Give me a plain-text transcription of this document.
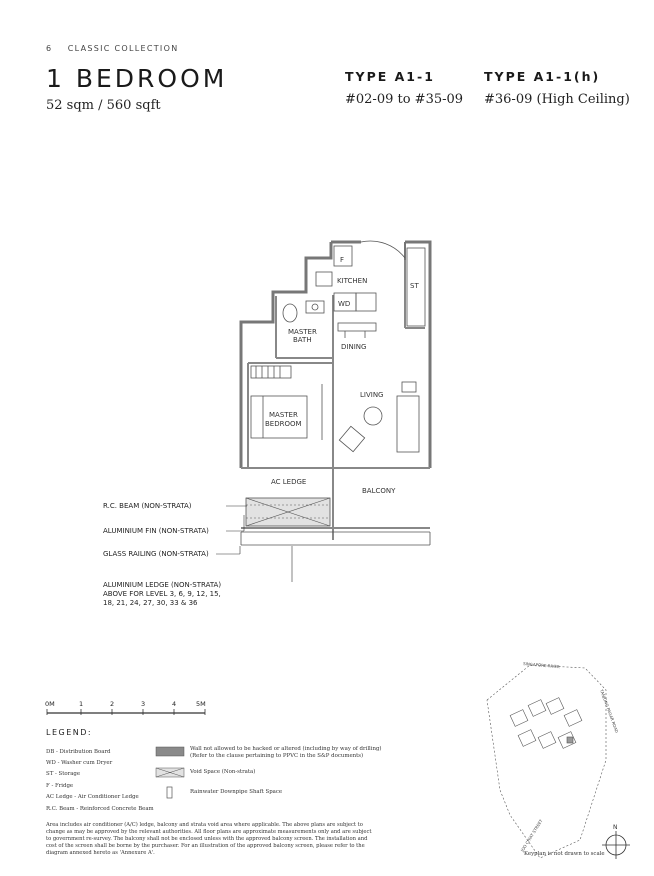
6 CLASSIC COLLECTION
1 BEDROOM
52 sqm / 560 sqft
TYPE A1-1
#02-09 to #35-09
TYPE A1-1(h)
#36-09 (High Ceiling)
F
KITCHEN
WD
ST
MASTER
BATH
DINING
LIVING
MASTER
BEDROOM
AC LEDGE
BALCONY
0M	1	2	3	4	5M
SINGAPORE RIVER
TANJONG PAGAR ROAD
JOO CHIAT STREET	N
R.C. BEAM (NON-STRATA)
ALUMINIUM FIN (NON-STRATA)
GLASS RAILING (NON-STRATA)
ALUMINIUM LEDGE (NON-STRATA)
ABOVE FOR LEVEL 3, 6, 9, 12, 15,
18, 21, 24, 27, 30, 33 & 36
LEGEND:
DB - Distribution Board
WD - Washer cum Dryer
ST - Storage
F - Fridge
AC Ledge - Air Conditioner Ledge
R.C. Beam - Reinforced Concrete Beam
Wall not allowed to be hacked or altered (including by way of drilling)
(Refer to the clause pertaining to PPVC in the S&P documents)
Void Space (Non-strata)
Rainwater Downpipe Shaft Space
Area includes air conditioner (A/C) ledge, balcony and strata void area where applicable. The above plans are subject to change as may be approved by the relevant authorities. All floor plans are approximate measurements only and are subject to government re-survey. The balcony shall not be enclosed unless with the approved balcony screen. The installation and cost of the screen shall be borne by the purchaser. For an illustration of the approved balcony screen, please refer to the diagram annexed hereto as 'Annexure A'.	Keyplan is not drawn to scale
